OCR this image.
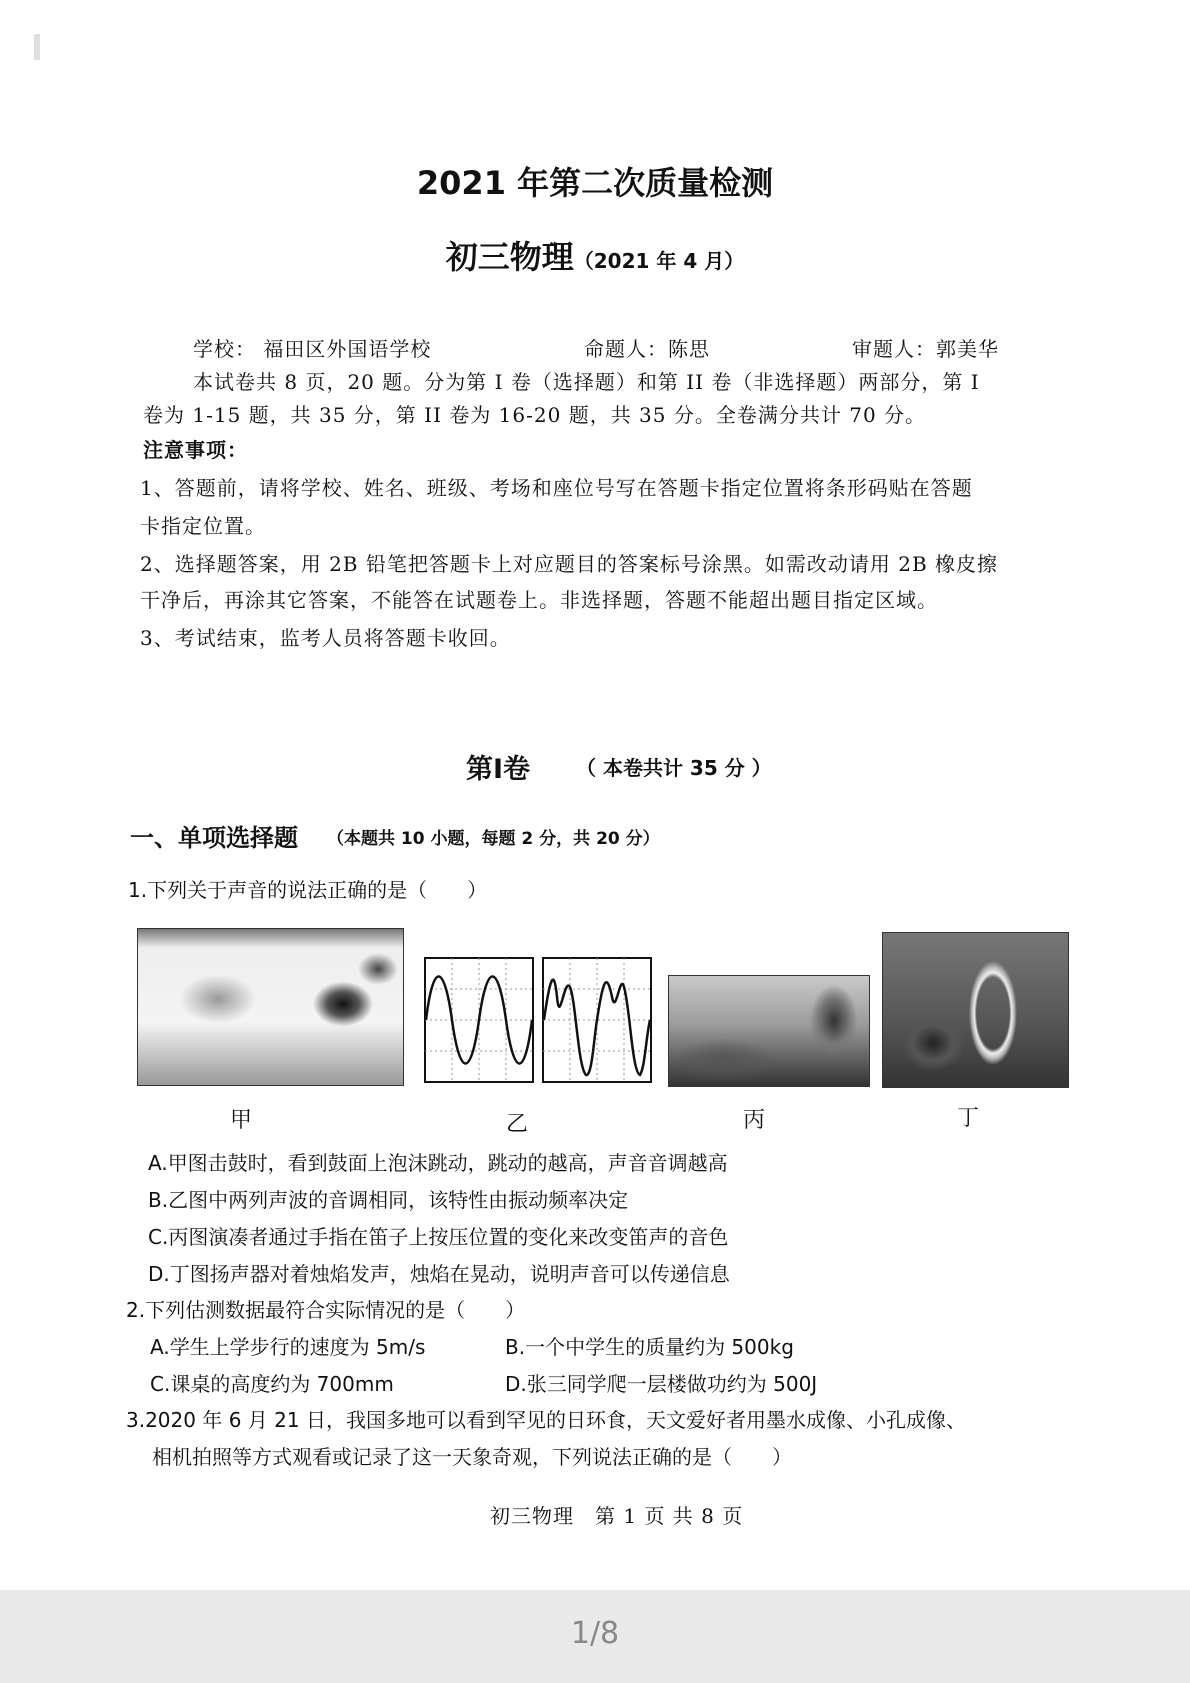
2021 年第二次质量检测
初三物理（2021 年 4 月）
学校： 福田区外国语学校	命题人：陈思	审题人：郭美华
本试卷共 8 页，20 题。分为第 I 卷（选择题）和第 II 卷（非选择题）两部分，第 I
卷为 1-15 题，共 35 分，第 II 卷为 16-20 题，共 35 分。全卷满分共计 70 分。
注意事项：
1、答题前，请将学校、姓名、班级、考场和座位号写在答题卡指定位置将条形码贴在答题
卡指定位置。
2、选择题答案，用 2B 铅笔把答题卡上对应题目的答案标号涂黑。如需改动请用 2B 橡皮擦
干净后，再涂其它答案，不能答在试题卷上。非选择题，答题不能超出题目指定区域。
3、考试结束，监考人员将答题卡收回。
第Ⅰ卷 （ 本卷共计 35 分 ）
一、单项选择题 （本题共 10 小题，每题 2 分，共 20 分）
1.下列关于声音的说法正确的是（　　）
甲	乙	丙	丁
A.甲图击鼓时，看到鼓面上泡沫跳动，跳动的越高，声音音调越高
B.乙图中两列声波的音调相同，该特性由振动频率决定
C.丙图演凑者通过手指在笛子上按压位置的变化来改变笛声的音色
D.丁图扬声器对着烛焰发声，烛焰在晃动，说明声音可以传递信息
2.下列估测数据最符合实际情况的是（　　）
A.学生上学步行的速度为 5m/s	B.一个中学生的质量约为 500kg
C.课桌的高度约为 700mm	D.张三同学爬一层楼做功约为 500J
3.2020 年 6 月 21 日，我国多地可以看到罕见的日环食，天文爱好者用墨水成像、小孔成像、
相机拍照等方式观看或记录了这一天象奇观，下列说法正确的是（　　）
初三物理　第 1 页 共 8 页
1/8
